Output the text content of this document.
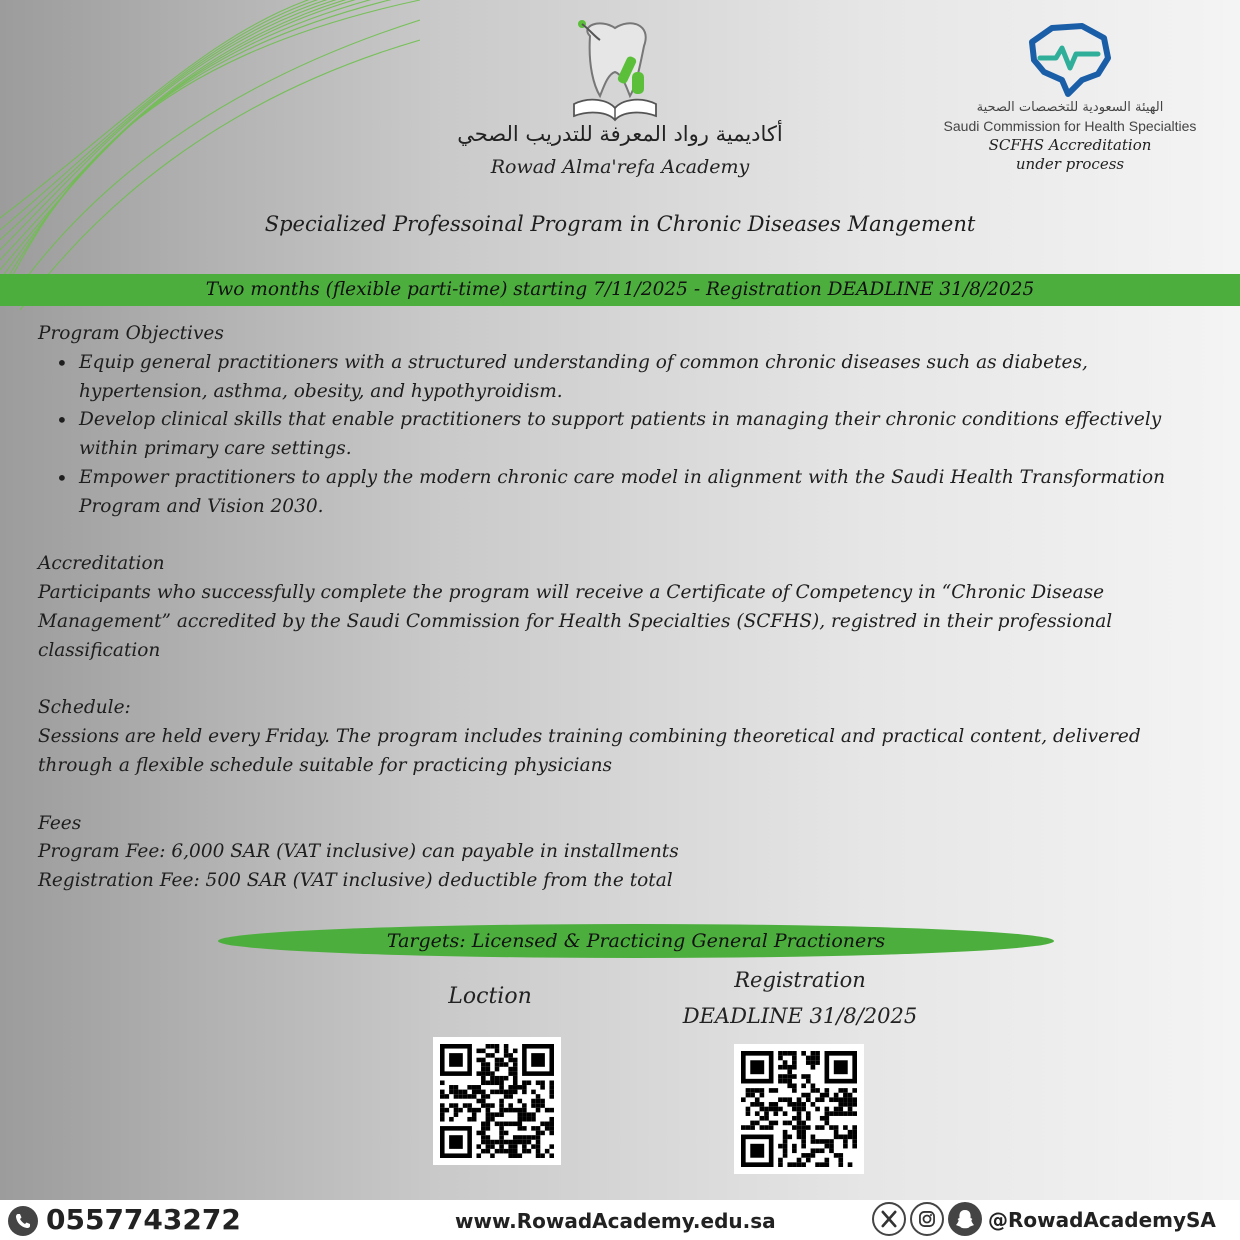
أكاديمية رواد المعرفة للتدريب الصحي
Rowad Alma'refa Academy
الهيئة السعودية للتخصصات الصحية
Saudi Commission for Health Specialties
SCFHS Accreditation
under process
Specialized Professoinal Program in Chronic Diseases Mangement
Two months (flexible parti-time) starting 7/11/2025 - Registration DEADLINE 31/8/2025
Program Objectives
• Equip general practitioners with a structured understanding of common chronic diseases such as diabetes, hypertension, asthma, obesity, and hypothyroidism.
• Develop clinical skills that enable practitioners to support patients in managing their chronic conditions effectively within primary care settings.
• Empower practitioners to apply the modern chronic care model in alignment with the Saudi Health Transformation Program and Vision 2030.
Accreditation
Participants who successfully complete the program will receive a Certificate of Competency in “Chronic Disease Management” accredited by the Saudi Commission for Health Specialties (SCFHS), registred in their professional classification
Schedule:
Sessions are held every Friday. The program includes training combining theoretical and practical content, delivered through a flexible schedule suitable for practicing physicians
Fees
Program Fee: 6,000 SAR (VAT inclusive) can payable in installments
Registration Fee: 500 SAR (VAT inclusive) deductible from the total
Targets: Licensed & Practicing General Practioners
Loction
Registration
DEADLINE 31/8/2025
0557743272	www.RowadAcademy.edu.sa	@RowadAcademySA
